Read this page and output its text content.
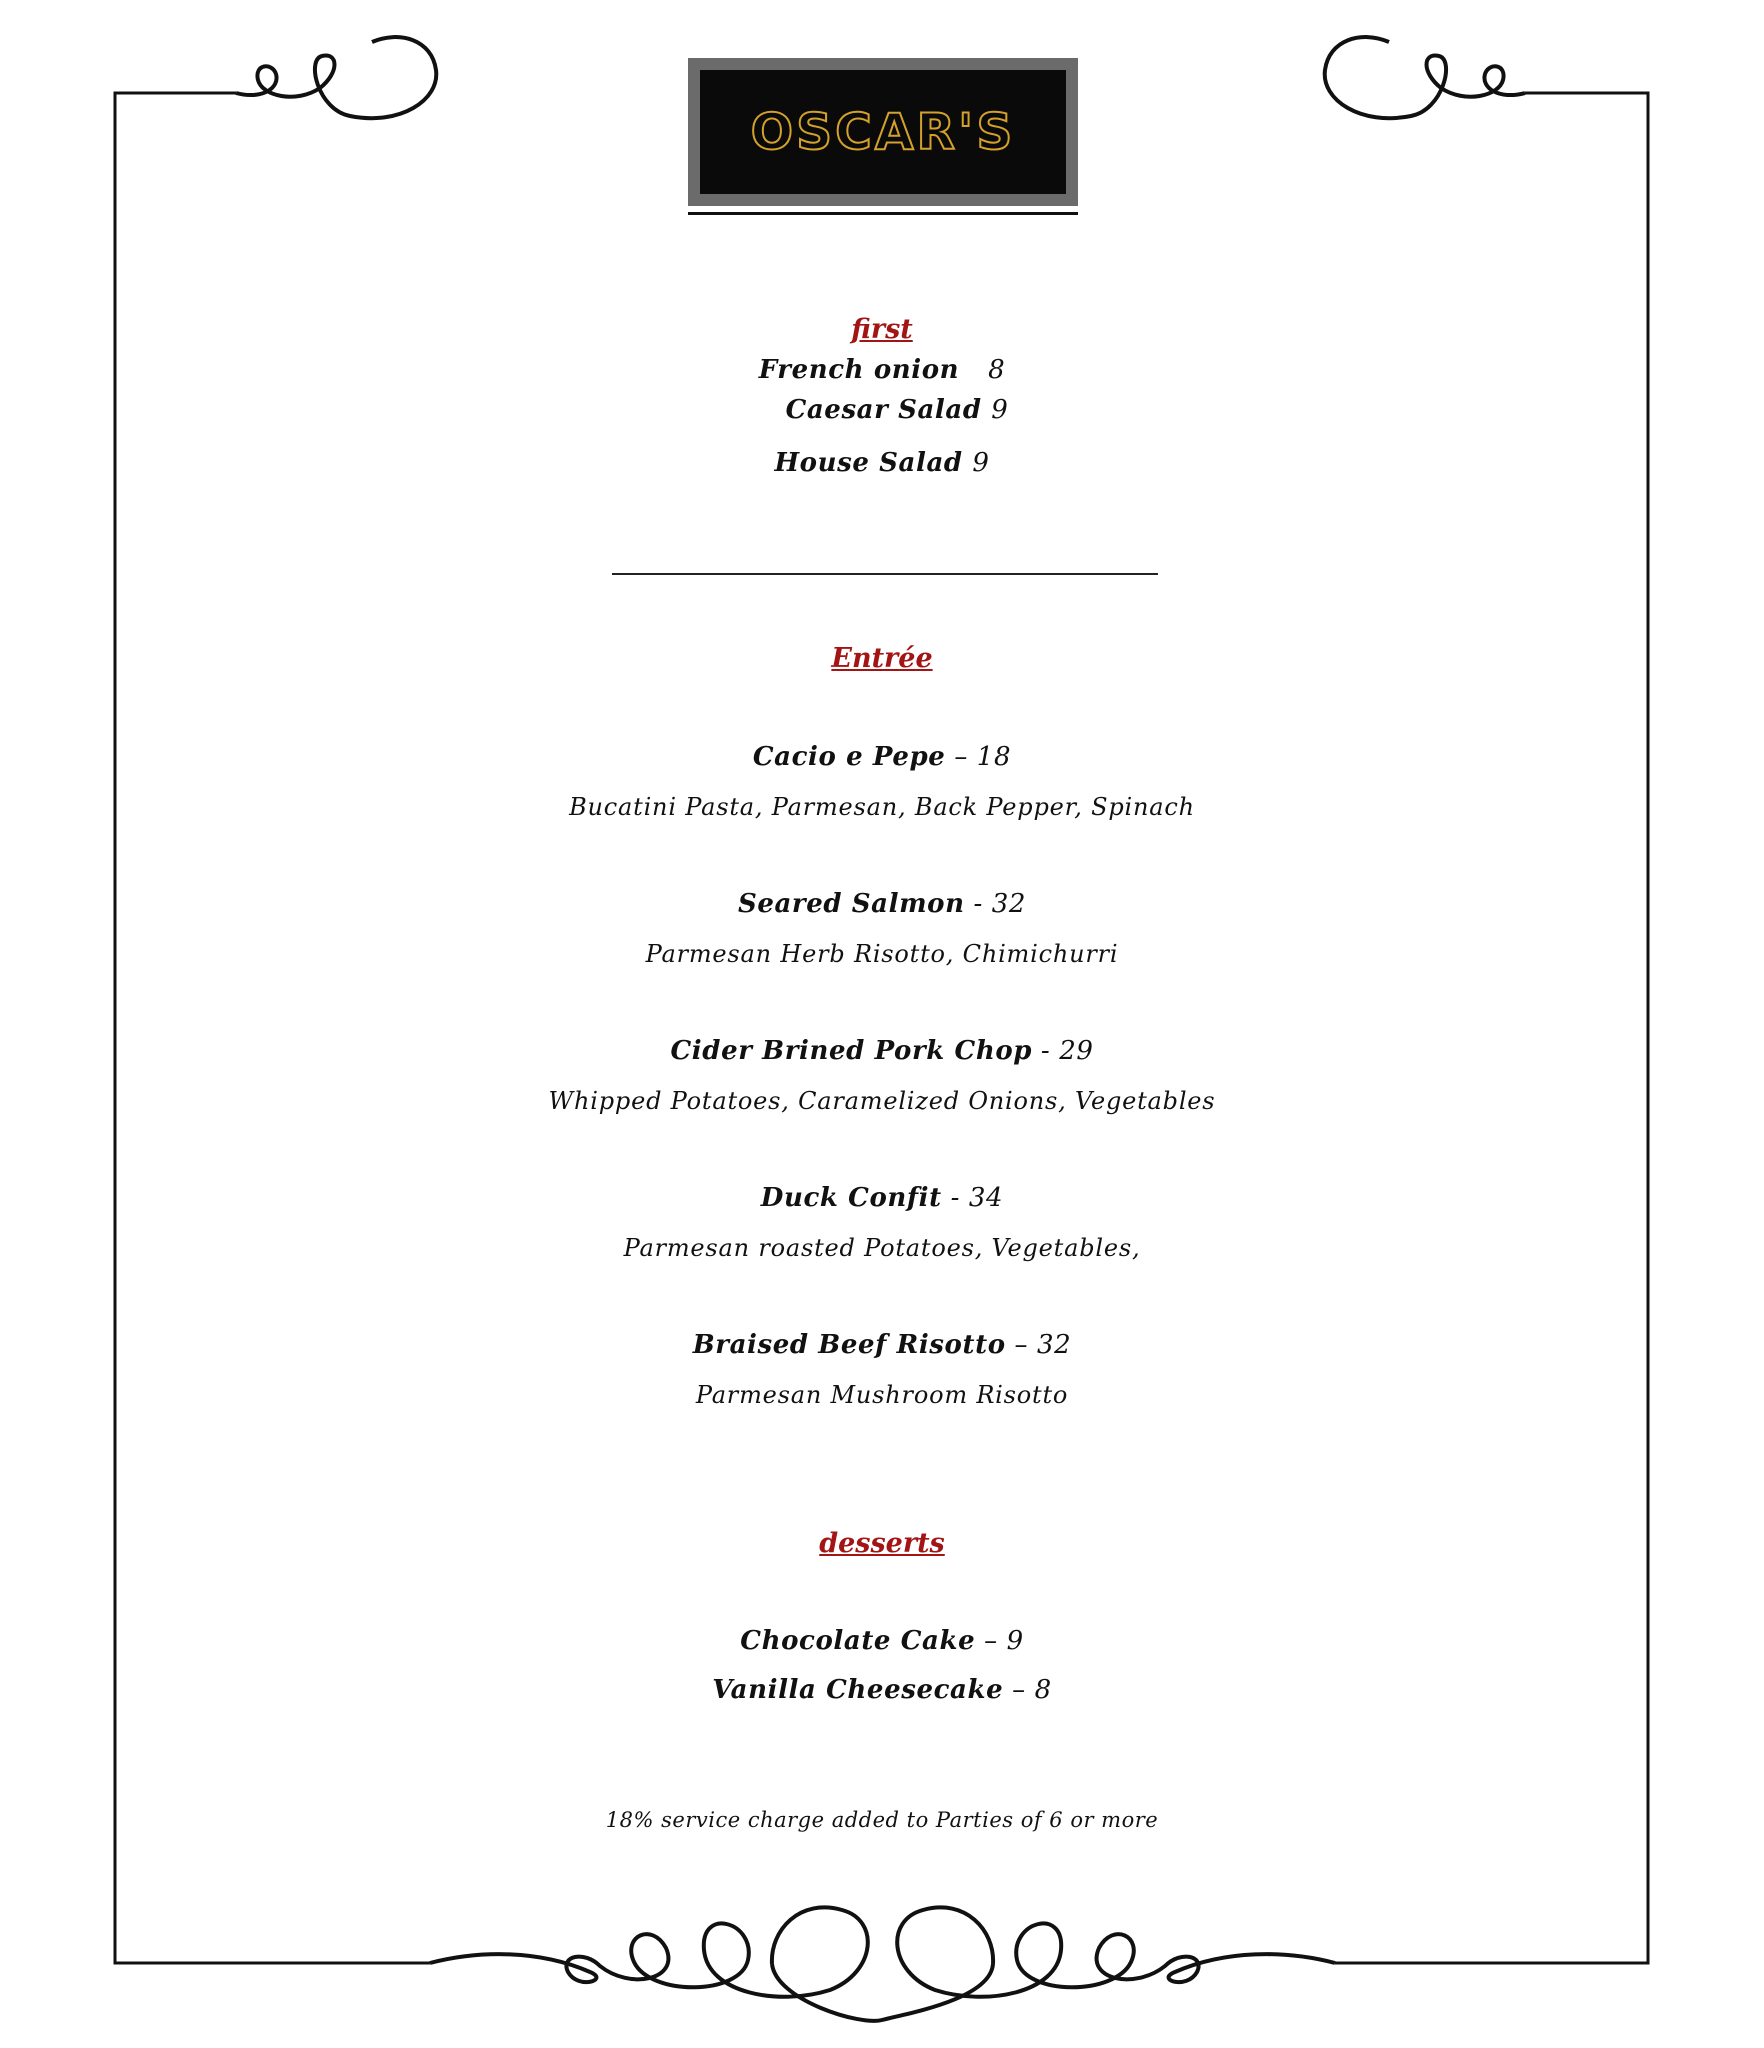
OSCAR'S
first
French onion 8
Caesar Salad 9
House Salad 9
Entrée
Cacio e Pepe – 18
Bucatini Pasta, Parmesan, Back Pepper, Spinach
Seared Salmon - 32
Parmesan Herb Risotto, Chimichurri
Cider Brined Pork Chop - 29
Whipped Potatoes, Caramelized Onions, Vegetables
Duck Confit - 34
Parmesan roasted Potatoes, Vegetables,
Braised Beef Risotto – 32
Parmesan Mushroom Risotto
desserts
Chocolate Cake – 9
Vanilla Cheesecake – 8
18% service charge added to Parties of 6 or more
